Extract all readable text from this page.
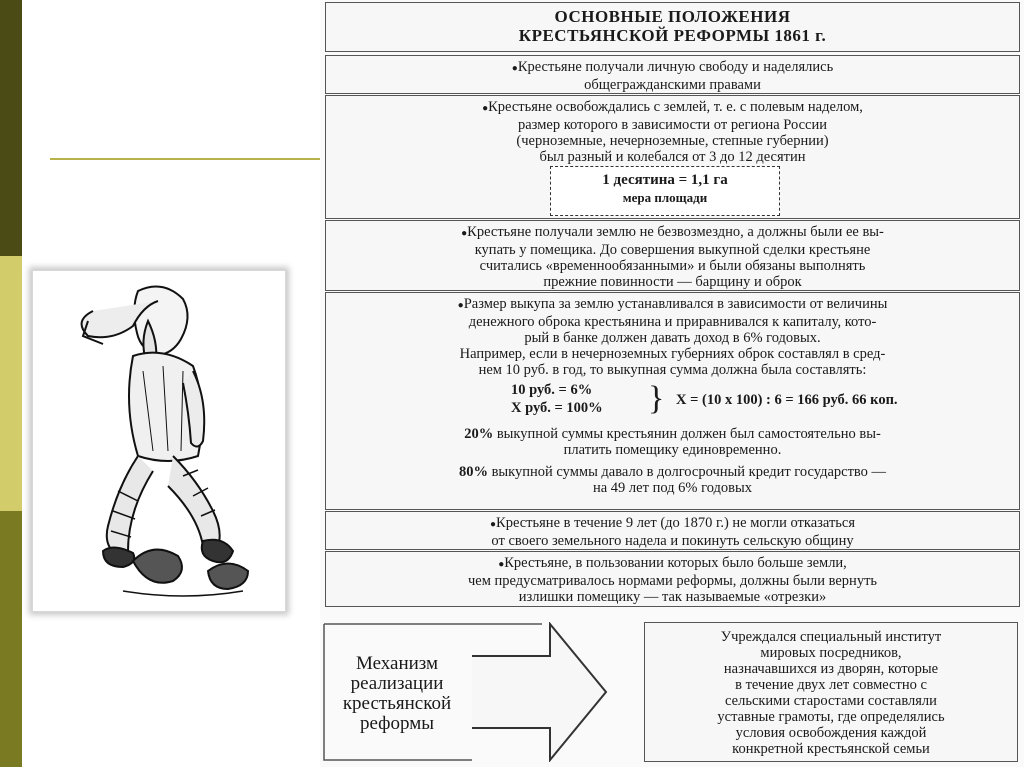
ОСНОВНЫЕ ПОЛОЖЕНИЯ
КРЕСТЬЯНСКОЙ РЕФОРМЫ 1861 г.
● Крестьяне получали личную свободу и наделялись
общегражданскими правами
● Крестьяне освобождались с землей, т. е. с полевым наделом,
размер которого в зависимости от региона России
(черноземные, нечерноземные, степные губернии)
был разный и колебался от 3 до 12 десятин
1 десятина = 1,1 га
мера площади
● Крестьяне получали землю не безвозмездно, а должны были ее вы-
купать у помещика. До совершения выкупной сделки крестьяне
считались «временнообязанными» и были обязаны выполнять
прежние повинности — барщину и оброк
● Размер выкупа за землю устанавливался в зависимости от величины
денежного оброка крестьянина и приравнивался к капиталу, кото-
рый в банке должен давать доход в 6% годовых.
Например, если в нечерноземных губерниях оброк составлял в сред-
нем 10 руб. в год, то выкупная сумма должна была составлять:
10 руб. = 6%
X руб. = 100% } X = (10 x 100) : 6 = 166 руб. 66 коп.
20% выкупной суммы крестьянин должен был самостоятельно вы-
платить помещику единовременно.
80% выкупной суммы давало в долгосрочный кредит государство —
на 49 лет под 6% годовых
● Крестьяне в течение 9 лет (до 1870 г.) не могли отказаться
от своего земельного надела и покинуть сельскую общину
● Крестьяне, в пользовании которых было больше земли,
чем предусматривалось нормами реформы, должны были вернуть
излишки помещику — так называемые «отрезки»
Механизм
реализации
крестьянской
реформы
Учреждался специальный институт
мировых посредников,
назначавшихся из дворян, которые
в течение двух лет совместно с
сельскими старостами составляли
уставные грамоты, где определялись
условия освобождения каждой
конкретной крестьянской семьи
